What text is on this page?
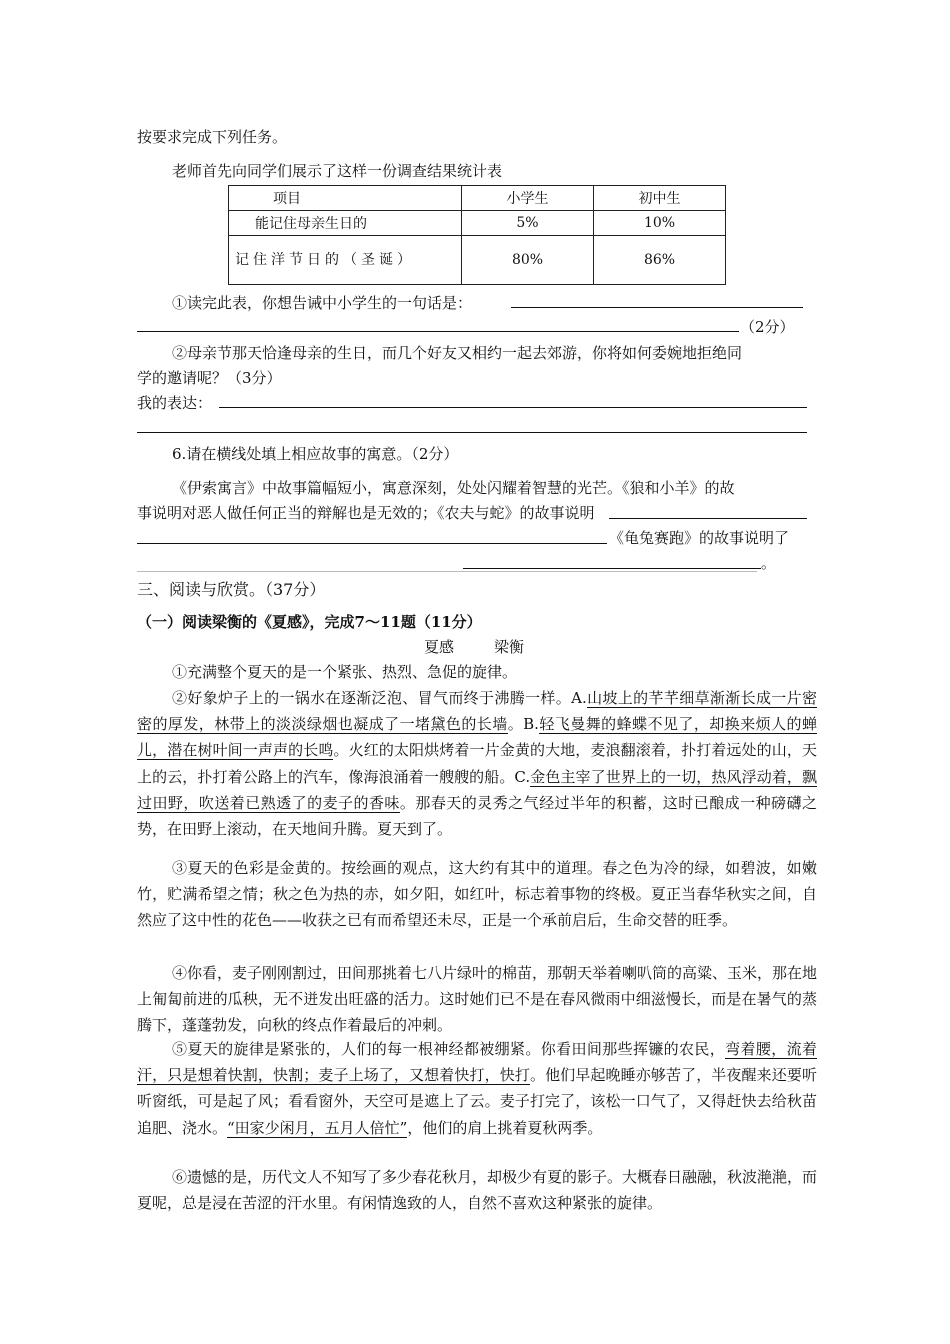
按要求完成下列任务。
老师首先向同学们展示了这样一份调查结果统计表
项目	小学生	初中生
能记住母亲生日的	5%	10%
记住洋节日的（圣诞）	80%	86%
①读完此表，你想告诫中小学生的一句话是：
（2分）
②母亲节那天恰逢母亲的生日，而几个好友又相约一起去郊游，你将如何委婉地拒绝同
学的邀请呢？（3分）
我的表达：
6.请在横线处填上相应故事的寓意。（2分）
《伊索寓言》中故事篇幅短小，寓意深刻，处处闪耀着智慧的光芒。《狼和小羊》的故
事说明对恶人做任何正当的辩解也是无效的；《农夫与蛇》的故事说明
《龟兔赛跑》的故事说明了
。
三、阅读与欣赏。（37分）
（一）阅读梁衡的《夏感》，完成7～11题（11分）
夏感	梁衡
①充满整个夏天的是一个紧张、热烈、急促的旋律。
②好象炉子上的一锅水在逐渐泛泡、冒气而终于沸腾一样。A.山坡上的芊芊细草渐渐长成一片密密的厚发，林带上的淡淡绿烟也凝成了一堵黛色的长墙。B.轻飞曼舞的蜂蝶不见了，却换来烦人的蝉儿，潜在树叶间一声声的长鸣。火红的太阳烘烤着一片金黄的大地，麦浪翻滚着，扑打着远处的山，天上的云，扑打着公路上的汽车，像海浪涌着一艘艘的船。C.金色主宰了世界上的一切，热风浮动着，飘过田野，吹送着已熟透了的麦子的香味。那春天的灵秀之气经过半年的积蓄，这时已酿成一种磅礴之势，在田野上滚动，在天地间升腾。夏天到了。
③夏天的色彩是金黄的。按绘画的观点，这大约有其中的道理。春之色为冷的绿，如碧波，如嫩竹，贮满希望之情；秋之色为热的赤，如夕阳，如红叶，标志着事物的终极。夏正当春华秋实之间，自然应了这中性的花色——收获之已有而希望还未尽，正是一个承前启后，生命交替的旺季。
④你看，麦子刚刚割过，田间那挑着七八片绿叶的棉苗，那朝天举着喇叭筒的高粱、玉米，那在地上匍匐前进的瓜秧，无不迸发出旺盛的活力。这时她们已不是在春风微雨中细滋慢长，而是在暑气的蒸腾下，蓬蓬勃发，向秋的终点作着最后的冲刺。
⑤夏天的旋律是紧张的，人们的每一根神经都被绷紧。你看田间那些挥镰的农民，弯着腰，流着汗，只是想着快割，快割；麦子上场了，又想着快打，快打。他们早起晚睡亦够苦了，半夜醒来还要听听窗纸，可是起了风；看看窗外，天空可是遮上了云。麦子打完了，该松一口气了，又得赶快去给秋苗追肥、浇水。“田家少闲月，五月人倍忙”，他们的肩上挑着夏秋两季。
⑥遗憾的是，历代文人不知写了多少春花秋月，却极少有夏的影子。大概春日融融，秋波滟滟，而夏呢，总是浸在苦涩的汗水里。有闲情逸致的人，自然不喜欢这种紧张的旋律。
